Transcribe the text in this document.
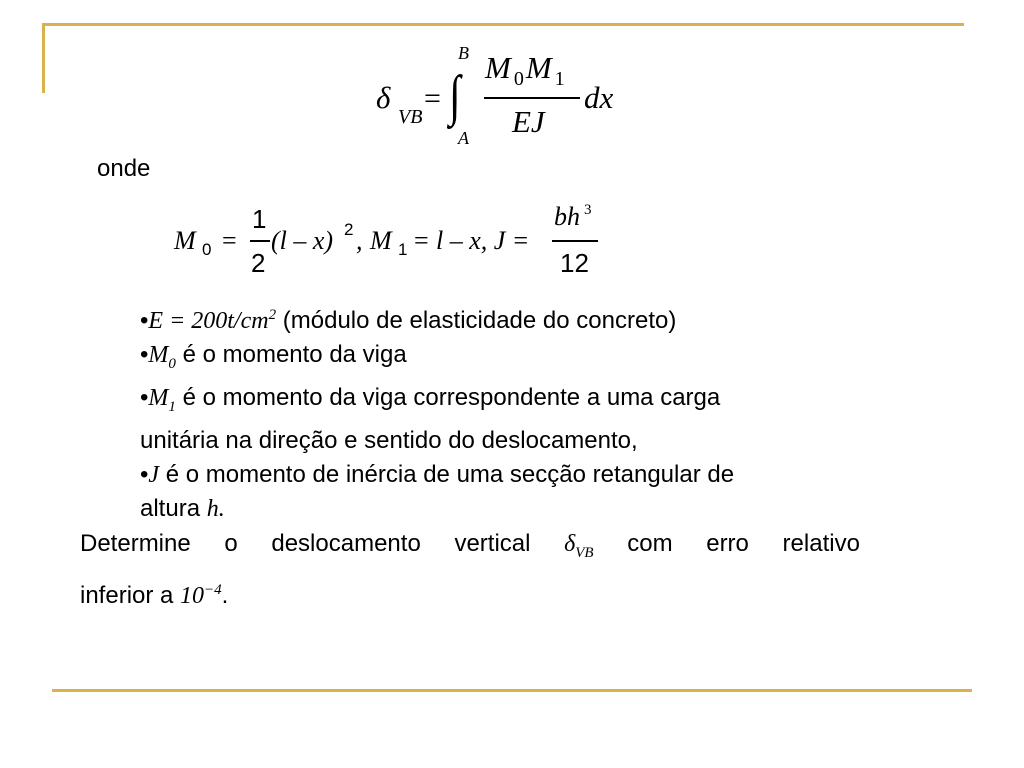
δ
VB
= ∫
B
A
M $_0$M $_1$
EJ
dx
onde
M 0 =
1
2
(l – x) 2 , M 1 = l – x, J =
bh 3
12
•E = $200t/cm^2$ (módulo de elasticidade do concreto)
$•M_0$ é o momento da viga
$•M_1$ é o momento da viga correspondente a uma carga
unitária na direção e sentido do deslocamento,
•J é o momento de inércia de uma secção retangular de
altura h.
Determine o deslocamento vertical $\delta_{VB}$ com erro relativo
inferior a $10^{-4}$.
